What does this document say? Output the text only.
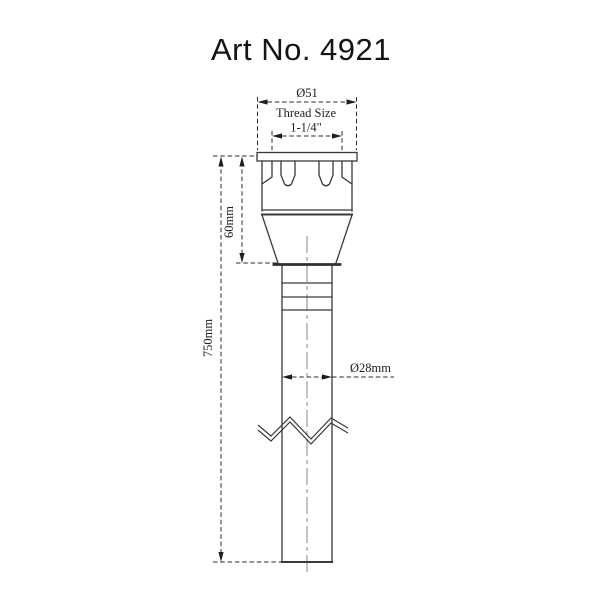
Art No. 4921
Ø51
Thread Size
1-1/4"
Ø28mm
60mm
750mm
